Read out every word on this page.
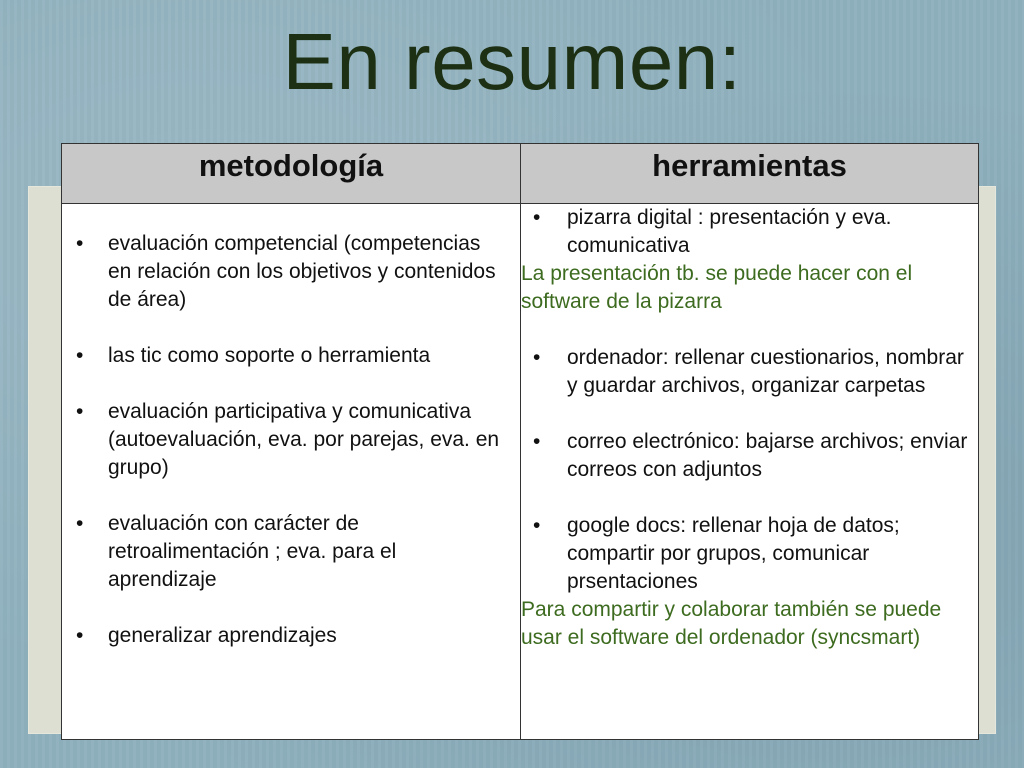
En resumen:
metodología	herramientas
• evaluación competencial (competencias en relación con los objetivos y contenidos de área)
• las tic como soporte o herramienta
• evaluación participativa y comunicativa (autoevaluación, eva. por parejas, eva. en grupo)
• evaluación con carácter de retroalimentación ; eva. para el aprendizaje
• generalizar aprendizajes
• pizarra digital : presentación y eva. comunicativa
La presentación tb. se puede hacer con el software de la pizarra
• ordenador: rellenar cuestionarios, nombrar y guardar archivos, organizar carpetas
• correo electrónico: bajarse archivos; enviar correos con adjuntos
• google docs: rellenar hoja de datos; compartir por grupos, comunicar prsentaciones
Para compartir y colaborar también se puede usar el software del ordenador (syncsmart)
